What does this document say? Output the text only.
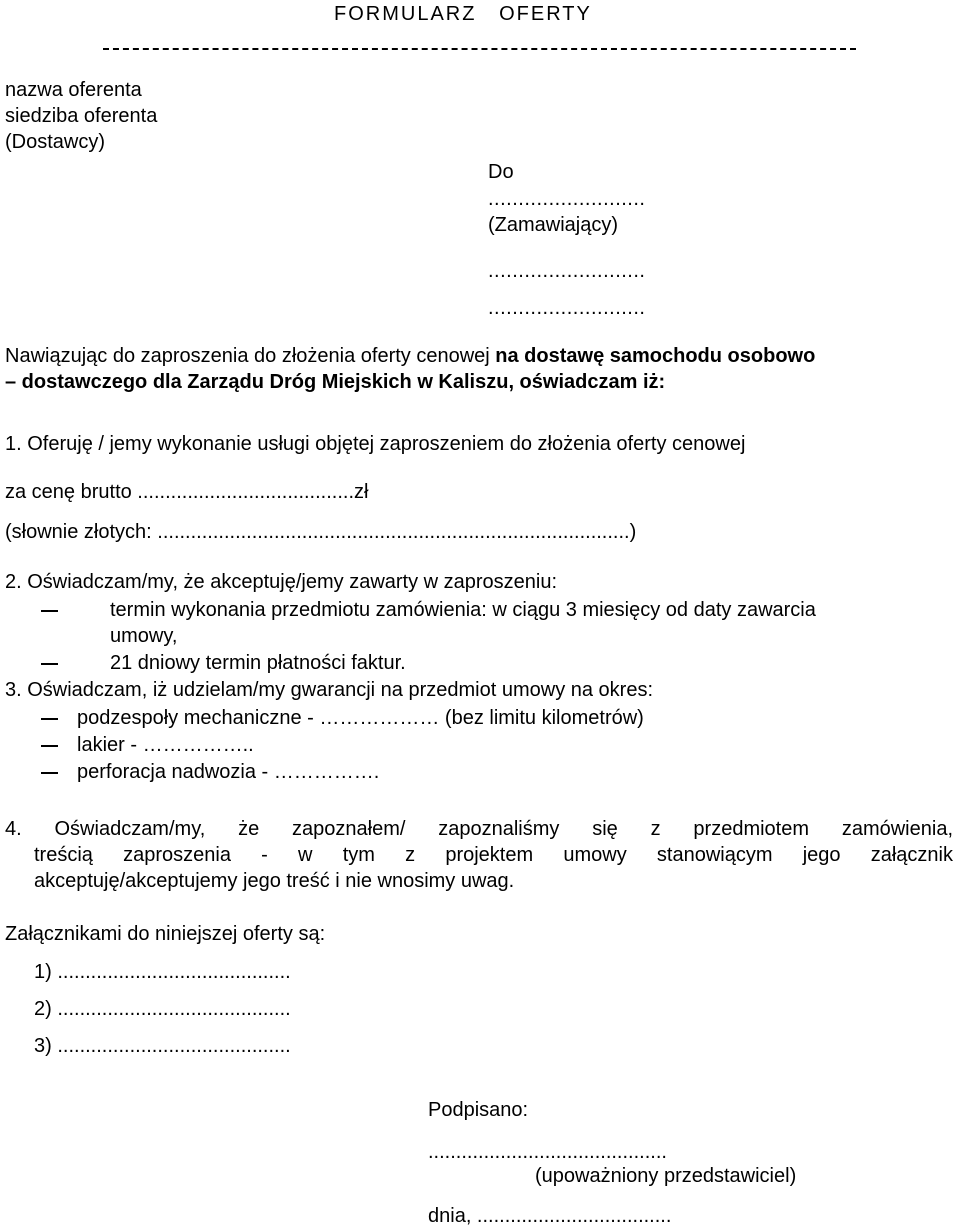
FORMULARZ   OFERTY
nazwa oferenta
siedziba oferenta
(Dostawcy)
Do
..........................
(Zamawiający)
..........................
..........................
Nawiązując do zaproszenia do złożenia oferty cenowej na dostawę samochodu osobowo
– dostawczego dla Zarządu Dróg Miejskich w Kaliszu, oświadczam iż:
1. Oferuję / jemy wykonanie usługi objętej zaproszeniem do złożenia oferty cenowej
za cenę brutto .......................................zł
(słownie złotych: .....................................................................................)
2. Oświadczam/my, że akceptuję/jemy zawarty w zaproszeniu:
termin wykonania przedmiotu zamówienia: w ciągu 3 miesięcy od daty zawarcia
umowy,
21 dniowy termin płatności faktur.
3. Oświadczam, iż udzielam/my gwarancji na przedmiot umowy na okres:
podzespoły mechaniczne - ……………… (bez limitu kilometrów)
lakier - ……………..
perforacja nadwozia - …………….
4. Oświadczam/my, że zapoznałem/ zapoznaliśmy się z przedmiotem zamówienia,
treścią zaproszenia - w tym z projektem umowy stanowiącym jego załącznik
akceptuję/akceptujemy jego treść i nie wnosimy uwag.
Załącznikami do niniejszej oferty są:
1) ..........................................
2) ..........................................
3) ..........................................
Podpisano:
...........................................
(upoważniony przedstawiciel)
dnia, ...................................
